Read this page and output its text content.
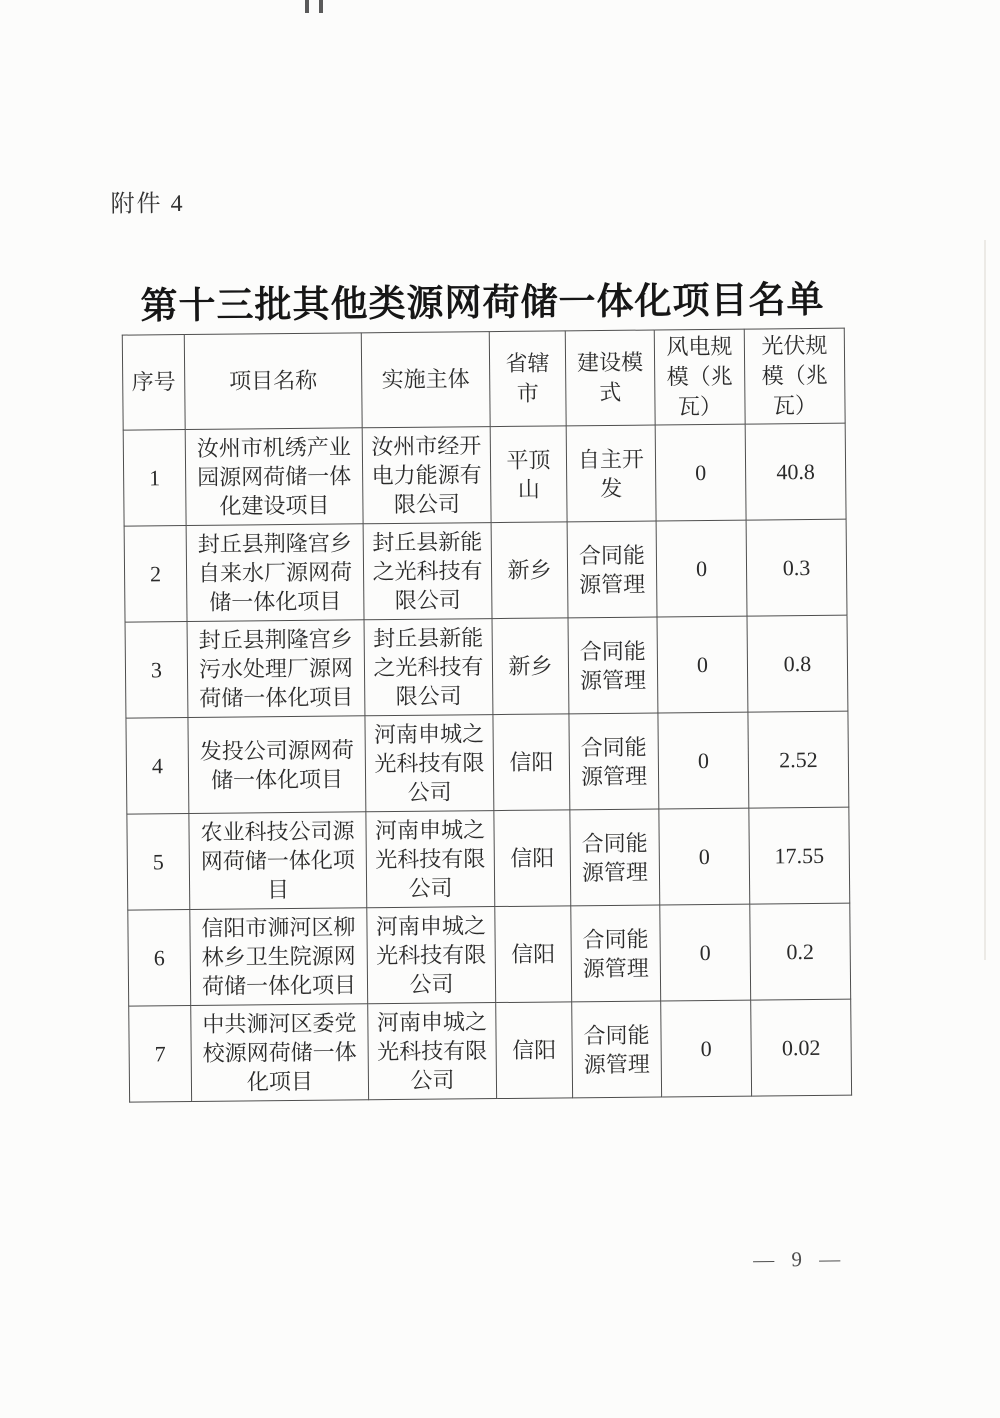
附件 4
第十三批其他类源网荷储一体化项目名单
序号	项目名称	实施主体	省辖市	建设模式	风电规模（兆瓦）	光伏规模（兆瓦）
1	汝州市机绣产业园源网荷储一体化建设项目	汝州市经开电力能源有限公司	平顶山	自主开发	0	40.8
2	封丘县荆隆宫乡自来水厂源网荷储一体化项目	封丘县新能之光科技有限公司	新乡	合同能源管理	0	0.3
3	封丘县荆隆宫乡污水处理厂源网荷储一体化项目	封丘县新能之光科技有限公司	新乡	合同能源管理	0	0.8
4	发投公司源网荷储一体化项目	河南申城之光科技有限公司	信阳	合同能源管理	0	2.52
5	农业科技公司源网荷储一体化项目	河南申城之光科技有限公司	信阳	合同能源管理	0	17.55
6	信阳市浉河区柳林乡卫生院源网荷储一体化项目	河南申城之光科技有限公司	信阳	合同能源管理	0	0.2
7	中共浉河区委党校源网荷储一体化项目	河南申城之光科技有限公司	信阳	合同能源管理	0	0.02
— 9 —
